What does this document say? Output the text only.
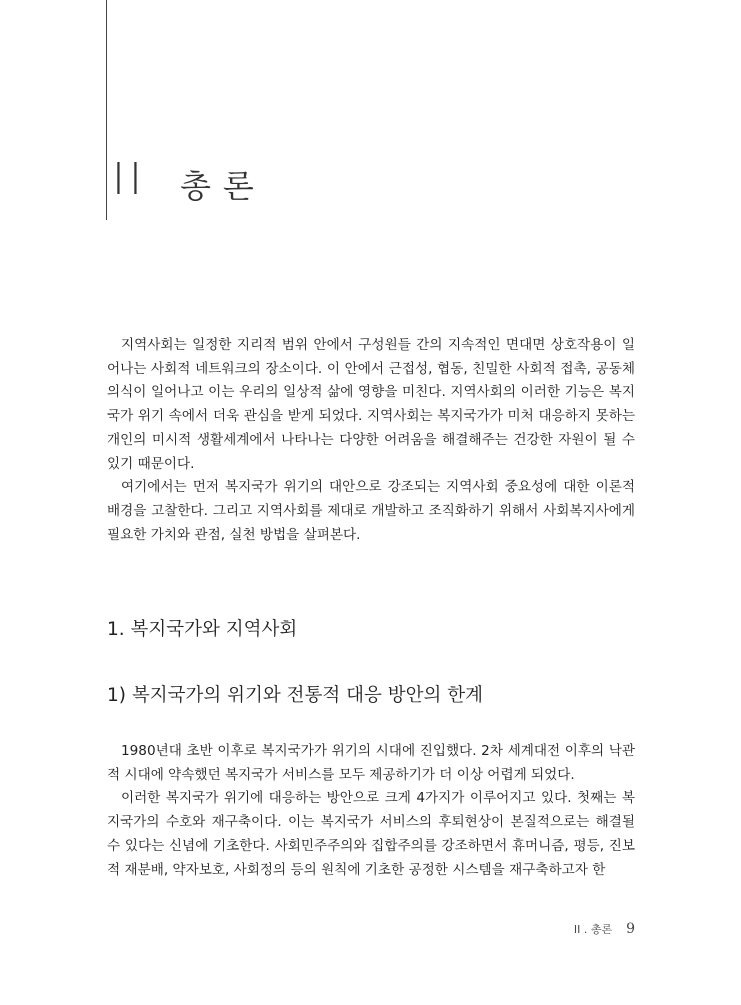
II 총론

지역사회는 일정한 지리적 범위 안에서 구성원들 간의 지속적인 면대면 상호작용이 일어나는 사회적 네트워크의 장소이다. 이 안에서 근접성, 협동, 친밀한 사회적 접촉, 공동체의식이 일어나고 이는 우리의 일상적 삶에 영향을 미친다. 지역사회의 이러한 기능은 복지국가 위기 속에서 더욱 관심을 받게 되었다. 지역사회는 복지국가가 미처 대응하지 못하는 개인의 미시적 생활세계에서 나타나는 다양한 어려움을 해결해주는 건강한 자원이 될 수 있기 때문이다.

여기에서는 먼저 복지국가 위기의 대안으로 강조되는 지역사회 중요성에 대한 이론적 배경을 고찰한다. 그리고 지역사회를 제대로 개발하고 조직화하기 위해서 사회복지사에게 필요한 가치와 관점, 실천 방법을 살펴본다.

1. 복지국가와 지역사회
1) 복지국가의 위기와 전통적 대응 방안의 한계

1980년대 초반 이후로 복지국가가 위기의 시대에 진입했다. 2차 세계대전 이후의 낙관적 시대에 약속했던 복지국가 서비스를 모두 제공하기가 더 이상 어렵게 되었다.

이러한 복지국가 위기에 대응하는 방안으로 크게 4가지가 이루어지고 있다. 첫째는 복지국가의 수호와 재구축이다. 이는 복지국가 서비스의 후퇴현상이 본질적으로는 해결될 수 있다는 신념에 기초한다. 사회민주주의와 집합주의를 강조하면서 휴머니즘, 평등, 진보적 재분배, 약자보호, 사회정의 등의 원칙에 기초한 공정한 시스템을 재구축하고자 한

II . 총론 9
